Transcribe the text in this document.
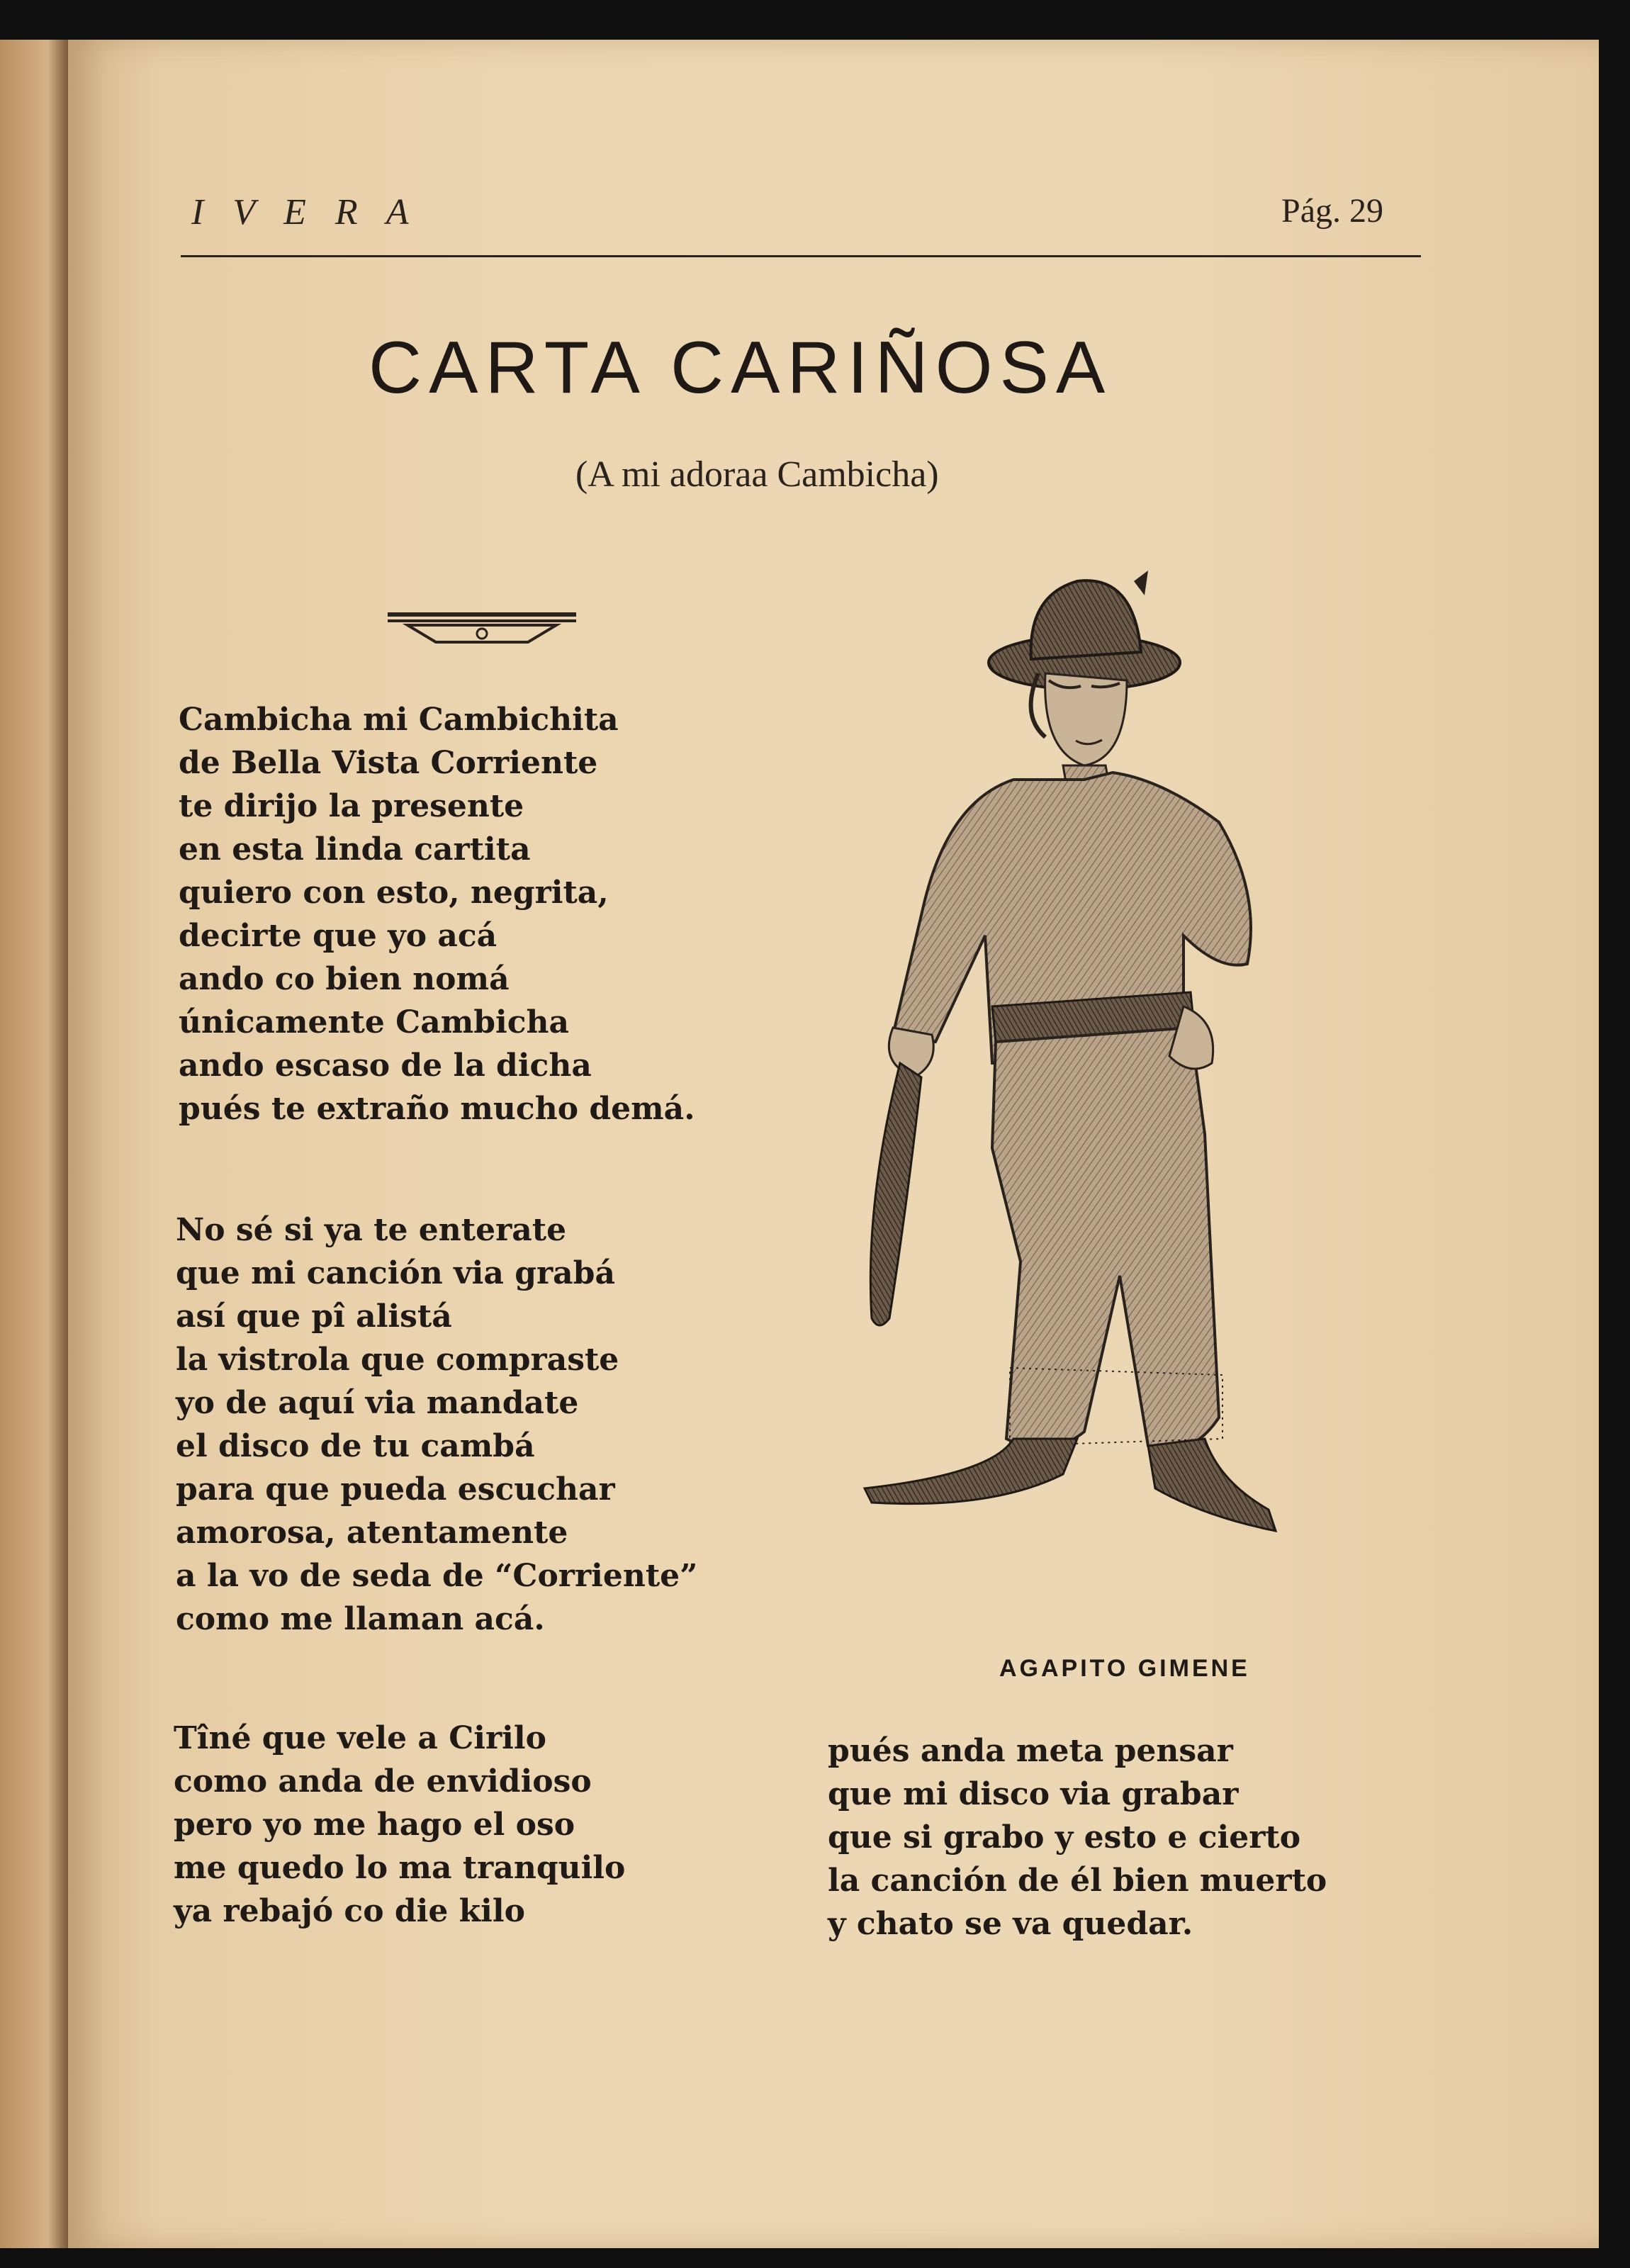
I V E R A	Pág. 29
CARTA CARIÑOSA
(A mi adoraa Cambicha)
Cambicha mi Cambichita
de Bella Vista Corriente
te dirijo la presente
en esta linda cartita
quiero con esto, negrita,
decirte que yo acá
ando co bien nomá
únicamente Cambicha
ando escaso de la dicha
pués te extraño mucho demá.
No sé si ya te enterate
que mi canción via grabá
así que pî alistá
la vistrola que compraste
yo de aquí via mandate
el disco de tu cambá
para que pueda escuchar
amorosa, atentamente
a la vo de seda de “Corriente”
como me llaman acá.
Tîné que vele a Cirilo
como anda de envidioso
pero yo me hago el oso
me quedo lo ma tranquilo
ya rebajó co die kilo
pués anda meta pensar
que mi disco via grabar
que si grabo y esto e cierto
la canción de él bien muerto
y chato se va quedar.
AGAPITO GIMENE
